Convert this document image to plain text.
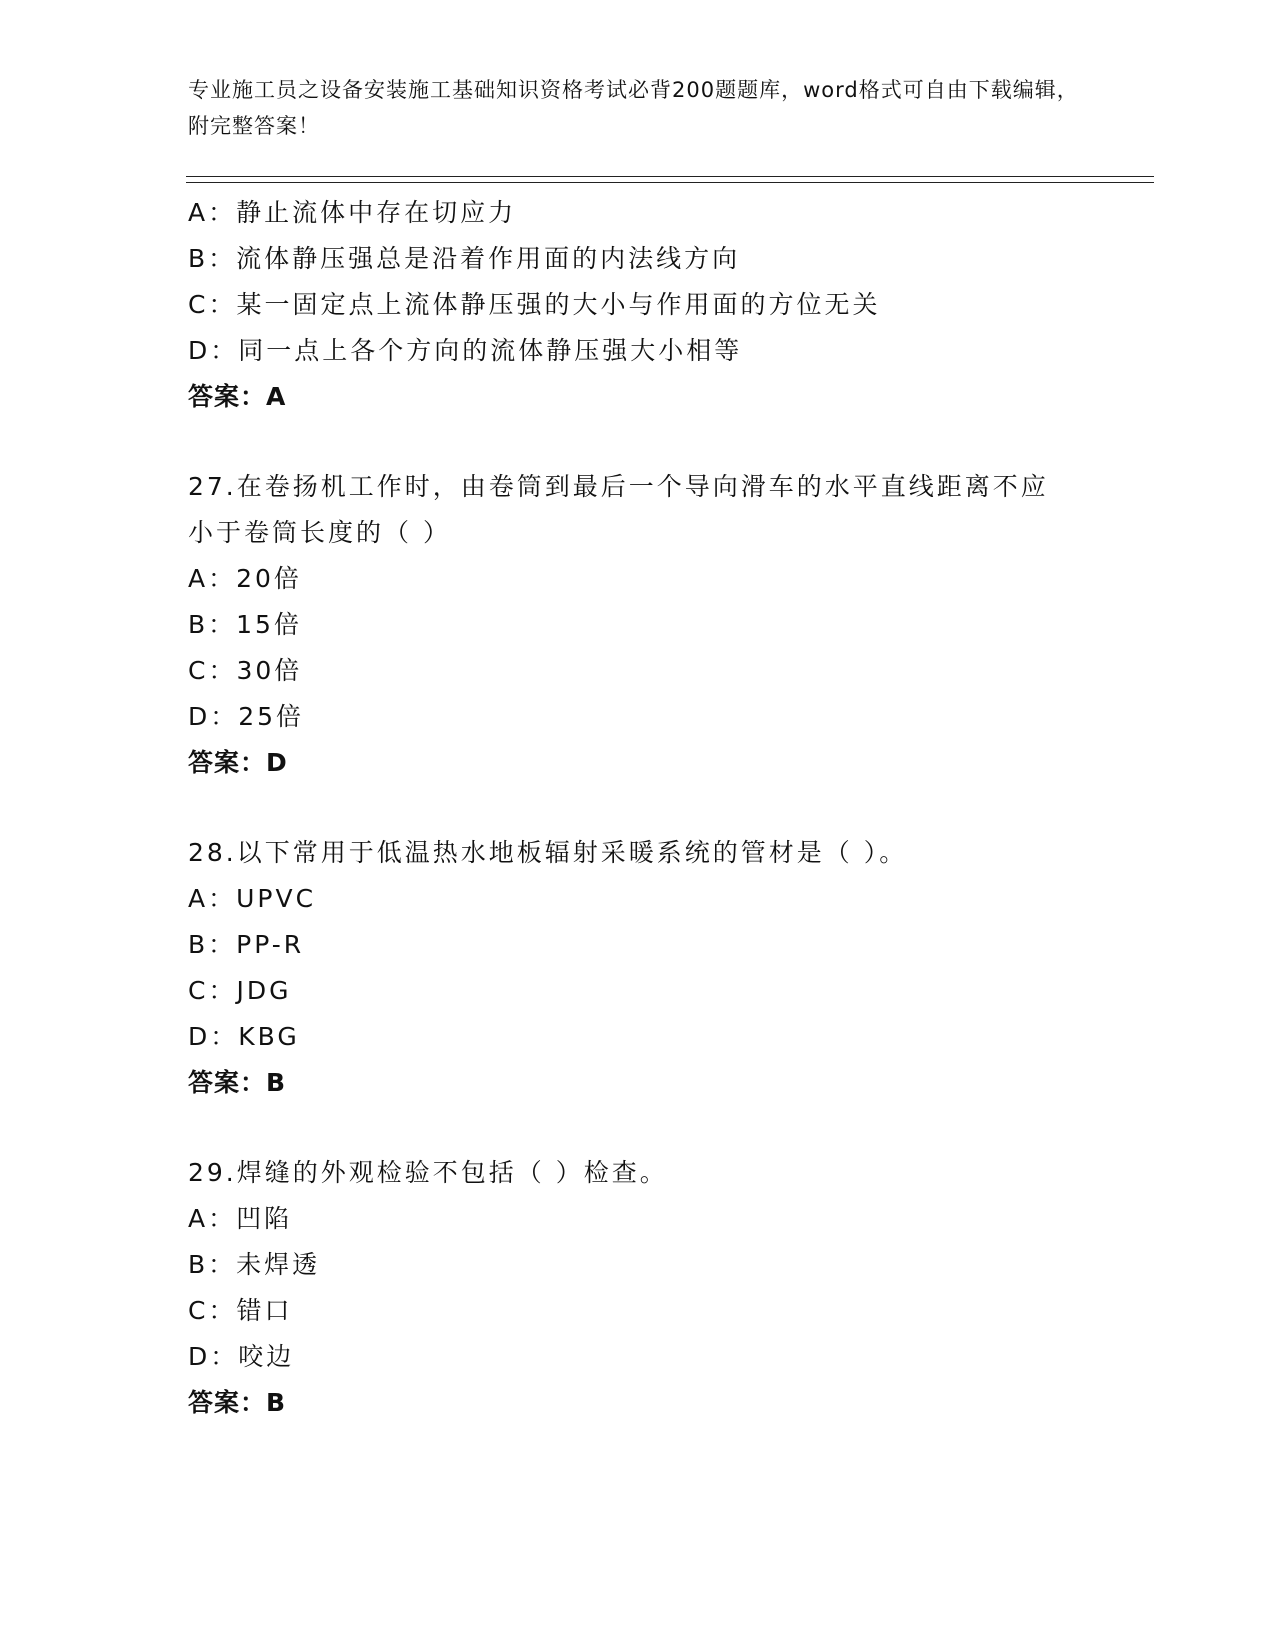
专业施工员之设备安装施工基础知识资格考试必背200题题库，word格式可自由下载编辑，附完整答案！
A：静止流体中存在切应力
B：流体静压强总是沿着作用面的内法线方向
C：某一固定点上流体静压强的大小与作用面的方位无关
D：同一点上各个方向的流体静压强大小相等
答案：A
27.在卷扬机工作时，由卷筒到最后一个导向滑车的水平直线距离不应小于卷筒长度的（ ）
A：20倍
B：15倍
C：30倍
D：25倍
答案：D
28.以下常用于低温热水地板辐射采暖系统的管材是（ ）。
A：UPVC
B：PP-R
C：JDG
D：KBG
答案：B
29.焊缝的外观检验不包括（ ）检查。
A：凹陷
B：未焊透
C：错口
D：咬边
答案：B
